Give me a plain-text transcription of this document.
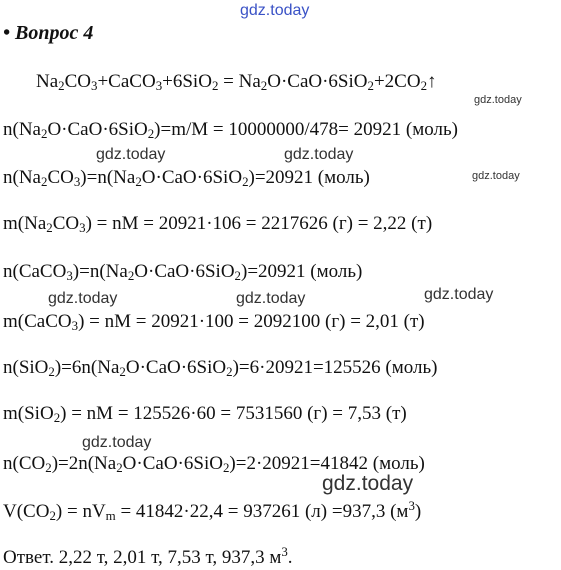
gdz.today
• Вопрос 4
$Na_2CO_3+CaCO_3+6SiO_2$ = $Na_2O\cdot CaO\cdot 6SiO_2+2CO_2↑$
gdz.today
$n(Na_2O\cdot CaO\cdot 6SiO_2)=m/M = 10000000/478= 20921$ (моль)
gdz.today	gdz.today
$n(Na_2CO_3)=n(Na_2O\cdot CaO\cdot 6SiO_2)=20921$ (моль)	gdz.today
$m(Na_2CO_3)$ = nM = 20921·106 = 2217626 (г) = 2,22 (т)
$n(CaCO_3)=n(Na_2O\cdot CaO\cdot 6SiO_2)=20921$ (моль)
gdz.today	gdz.today	gdz.today
m(CaCO$_3$) = nM = 20921·100 = 2092100 (г) = 2,01 (т)
$n(SiO_2)=6n(Na_2O\cdot CaO\cdot 6SiO_2)=6\cdot 20921=125526$ (моль)
m(SiO$_2$) = nM = 125526·60 = 7531560 (г) = 7,53 (т)
gdz.today
$n(CO_2)=2n(Na_2O\cdot CaO\cdot 6SiO_2)=2\cdot 20921=41842$ (моль)
gdz.today
$V(CO_2) = nV_m = 41842\cdot 22,4 = 937261$ (л) =937,3 $(м^3)$
Ответ. 2,22 т, 2,01 т, 7,53 т, 937,3 $м^3$.
